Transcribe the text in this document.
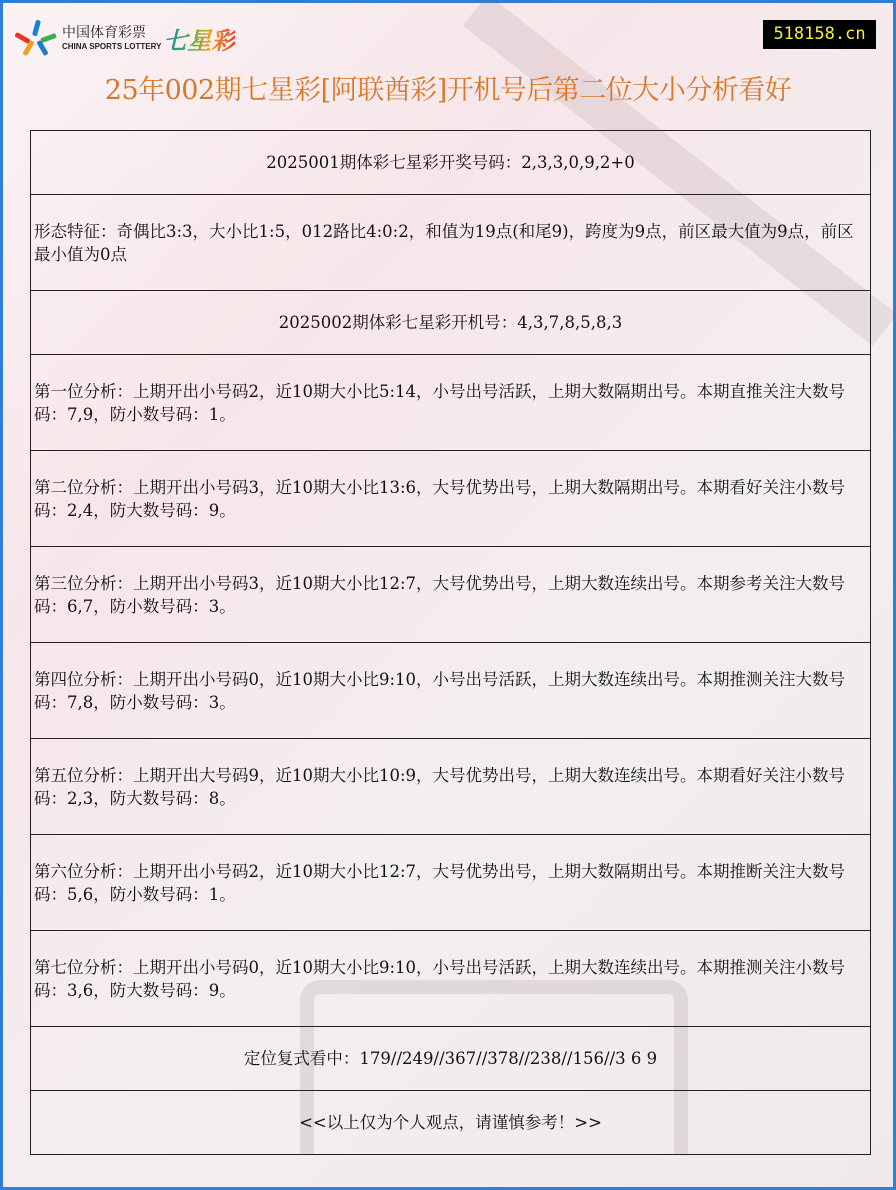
中国体育彩票
CHINA SPORTS LOTTERY 七星彩	518158.cn
25年002期七星彩[阿联酋彩]开机号后第二位大小分析看好
2025001期体彩七星彩开奖号码：2,3,3,0,9,2+0
形态特征：奇偶比3:3，大小比1:5，012路比4:0:2，和值为19点(和尾9)，跨度为9点，前区最大值为9点，前区最小值为0点
2025002期体彩七星彩开机号：4,3,7,8,5,8,3
第一位分析：上期开出小号码2，近10期大小比5:14，小号出号活跃，上期大数隔期出号。本期直推关注大数号码：7,9，防小数号码：1。
第二位分析：上期开出小号码3，近10期大小比13:6，大号优势出号，上期大数隔期出号。本期看好关注小数号码：2,4，防大数号码：9。
第三位分析：上期开出小号码3，近10期大小比12:7，大号优势出号，上期大数连续出号。本期参考关注大数号码：6,7，防小数号码：3。
第四位分析：上期开出小号码0，近10期大小比9:10，小号出号活跃，上期大数连续出号。本期推测关注大数号码：7,8，防小数号码：3。
第五位分析：上期开出大号码9，近10期大小比10:9，大号优势出号，上期大数连续出号。本期看好关注小数号码：2,3，防大数号码：8。
第六位分析：上期开出小号码2，近10期大小比12:7，大号优势出号，上期大数隔期出号。本期推断关注大数号码：5,6，防小数号码：1。
第七位分析：上期开出小号码0，近10期大小比9:10，小号出号活跃，上期大数连续出号。本期推测关注小数号码：3,6，防大数号码：9。
定位复式看中：179//249//367//378//238//156//3 6 9
<<以上仅为个人观点，请谨慎参考！>>
